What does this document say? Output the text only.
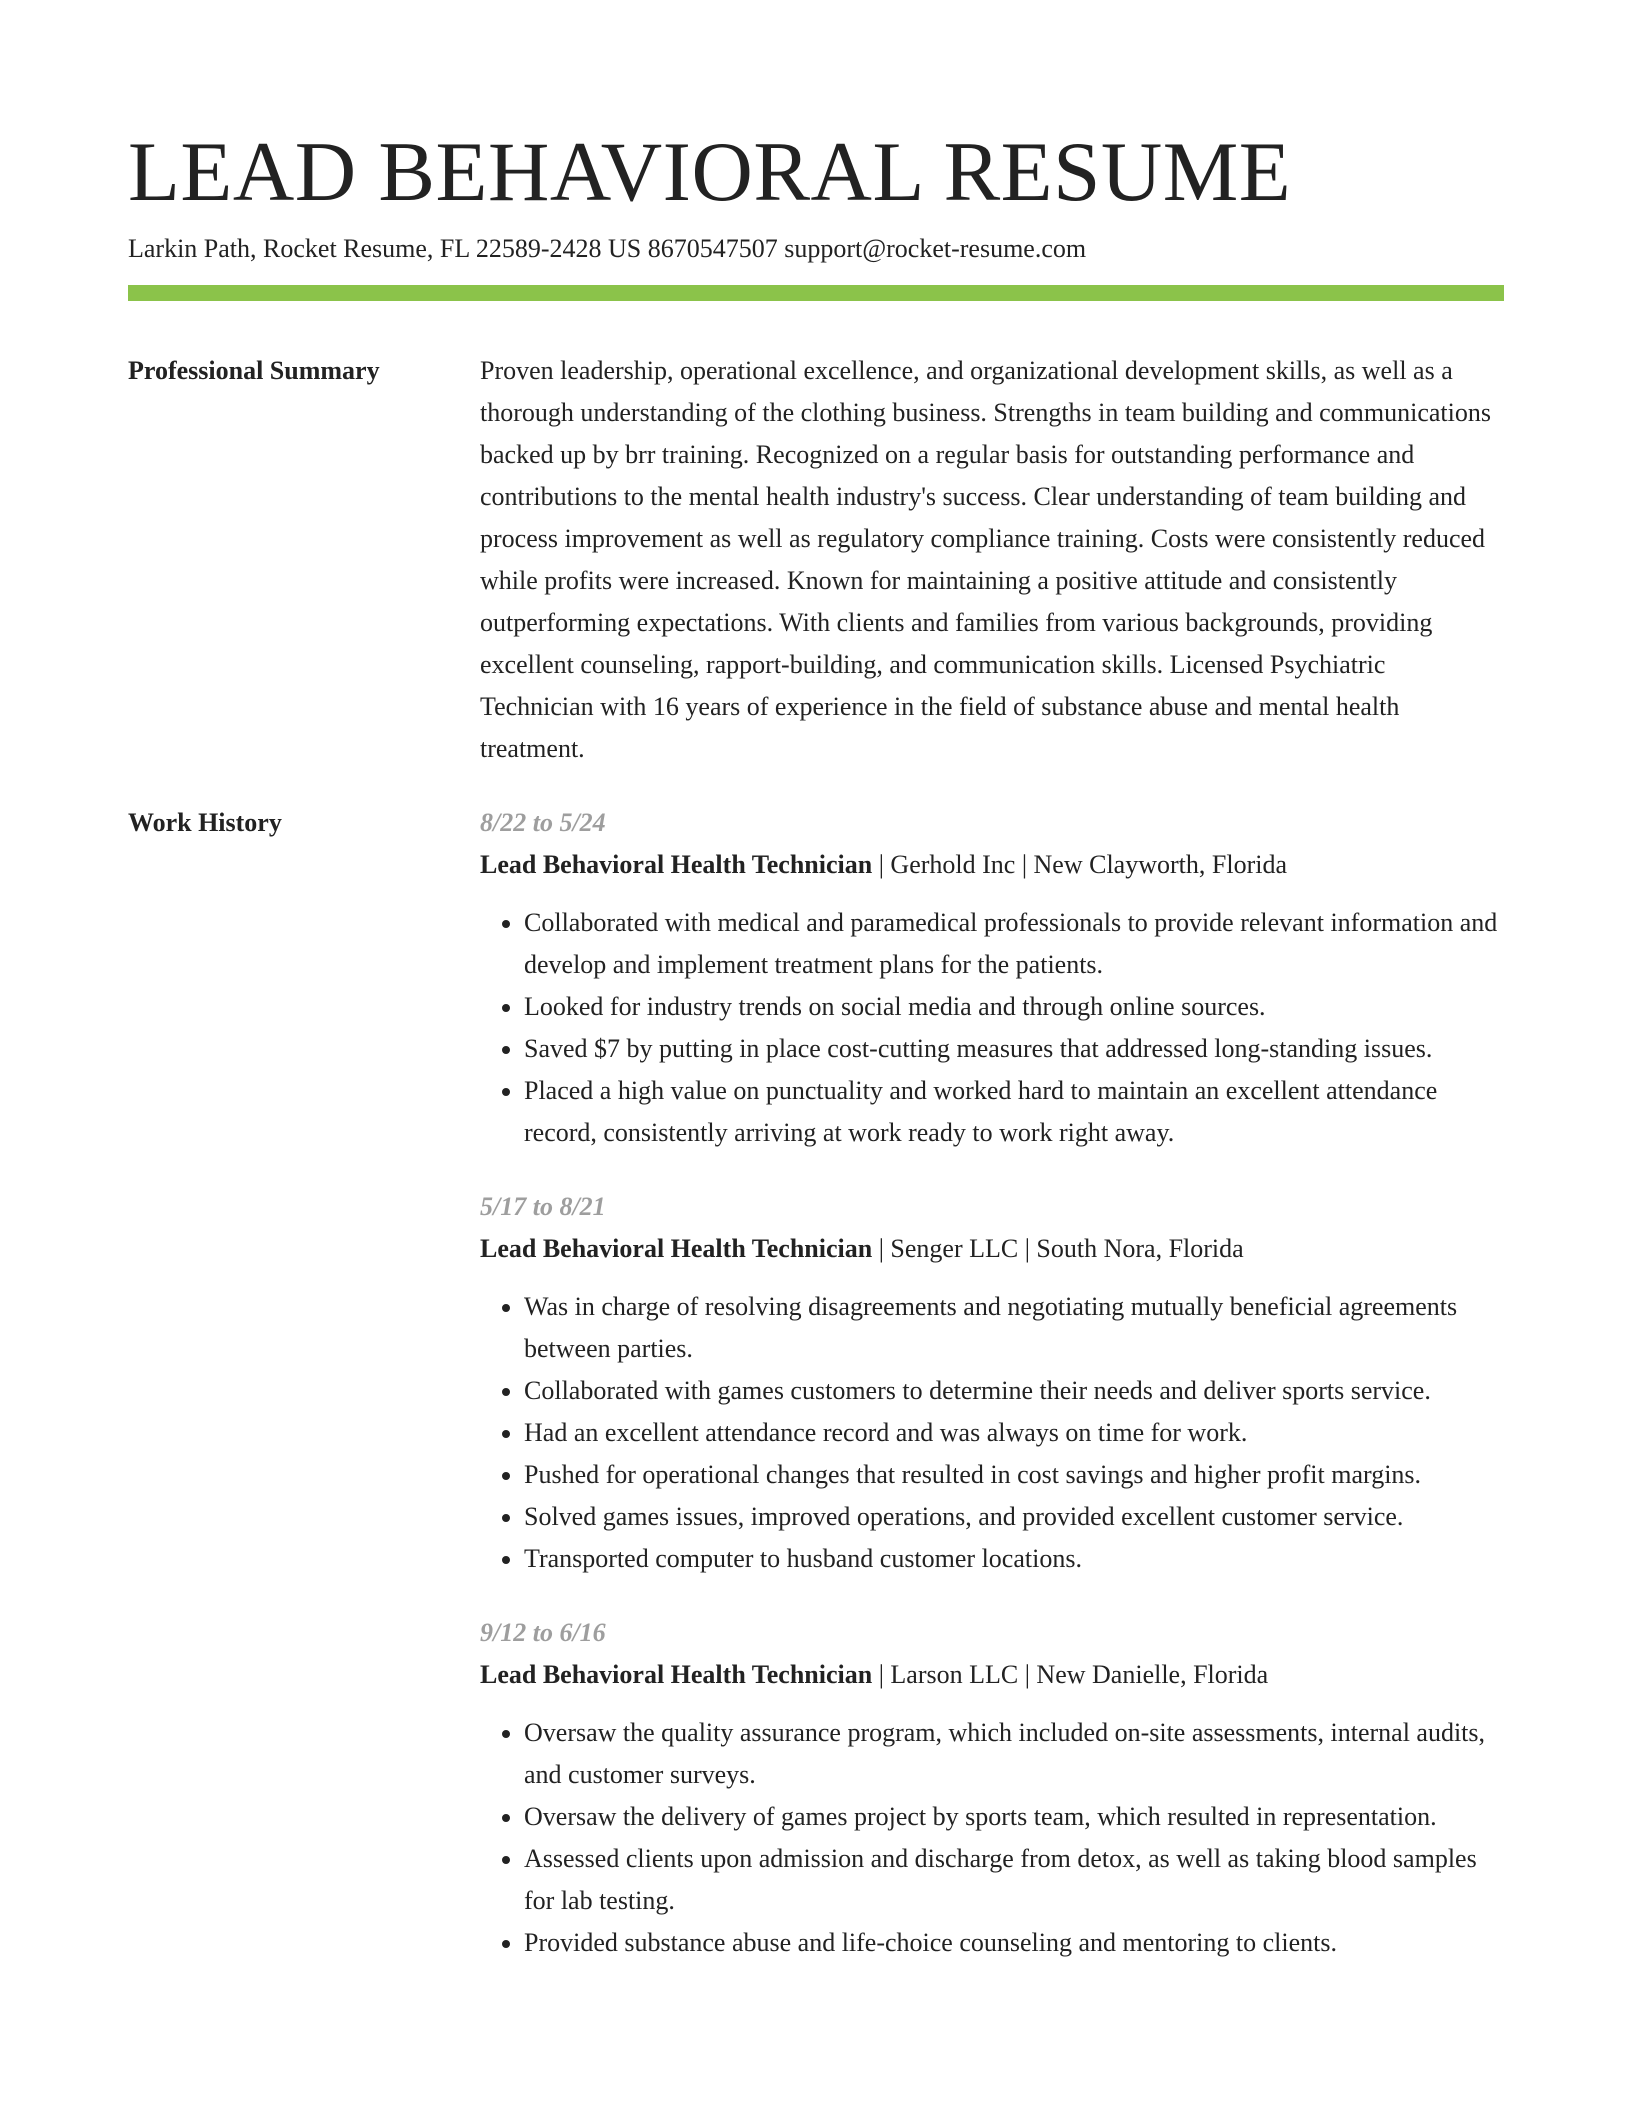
LEAD BEHAVIORAL RESUME
Larkin Path, Rocket Resume, FL 22589-2428 US 8670547507 support@rocket-resume.com
Professional Summary	Proven leadership, operational excellence, and organizational development skills, as well as a thorough understanding of the clothing business. Strengths in team building and communications backed up by brr training. Recognized on a regular basis for outstanding performance and contributions to the mental health industry's success. Clear understanding of team building and process improvement as well as regulatory compliance training. Costs were consistently reduced while profits were increased. Known for maintaining a positive attitude and consistently outperforming expectations. With clients and families from various backgrounds, providing excellent counseling, rapport-building, and communication skills. Licensed Psychiatric Technician with 16 years of experience in the field of substance abuse and mental health treatment.

Work History	8/22 to 5/24
Lead Behavioral Health Technician | Gerhold Inc | New Clayworth, Florida
• Collaborated with medical and paramedical professionals to provide relevant information and develop and implement treatment plans for the patients.
• Looked for industry trends on social media and through online sources.
• Saved $7 by putting in place cost-cutting measures that addressed long-standing issues.
• Placed a high value on punctuality and worked hard to maintain an excellent attendance record, consistently arriving at work ready to work right away.
5/17 to 8/21
Lead Behavioral Health Technician | Senger LLC | South Nora, Florida
• Was in charge of resolving disagreements and negotiating mutually beneficial agreements between parties.
• Collaborated with games customers to determine their needs and deliver sports service.
• Had an excellent attendance record and was always on time for work.
• Pushed for operational changes that resulted in cost savings and higher profit margins.
• Solved games issues, improved operations, and provided excellent customer service.
• Transported computer to husband customer locations.
9/12 to 6/16
Lead Behavioral Health Technician | Larson LLC | New Danielle, Florida
• Oversaw the quality assurance program, which included on-site assessments, internal audits, and customer surveys.
• Oversaw the delivery of games project by sports team, which resulted in representation.
• Assessed clients upon admission and discharge from detox, as well as taking blood samples for lab testing.
• Provided substance abuse and life-choice counseling and mentoring to clients.
